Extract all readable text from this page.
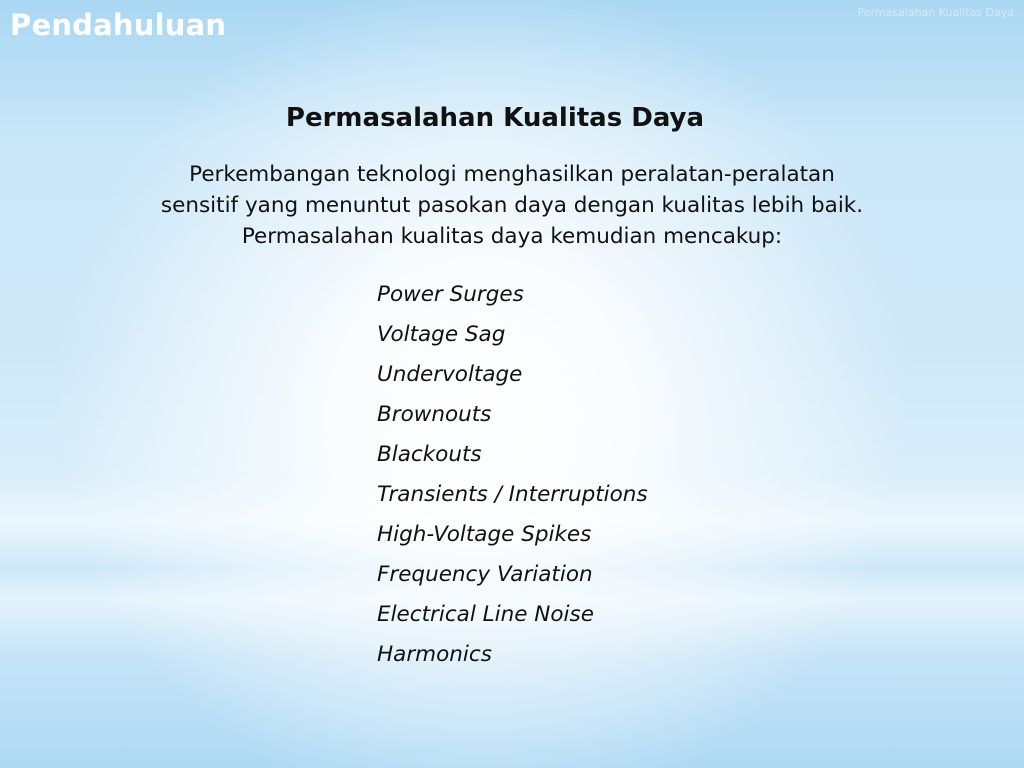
Pendahuluan	Permasalahan Kualitas Daya
Permasalahan Kualitas Daya
Perkembangan teknologi menghasilkan peralatan-peralatan
sensitif yang menuntut pasokan daya dengan kualitas lebih baik.
Permasalahan kualitas daya kemudian mencakup:
Power Surges
Voltage Sag
Undervoltage
Brownouts
Blackouts
Transients / Interruptions
High-Voltage Spikes
Frequency Variation
Electrical Line Noise
Harmonics
